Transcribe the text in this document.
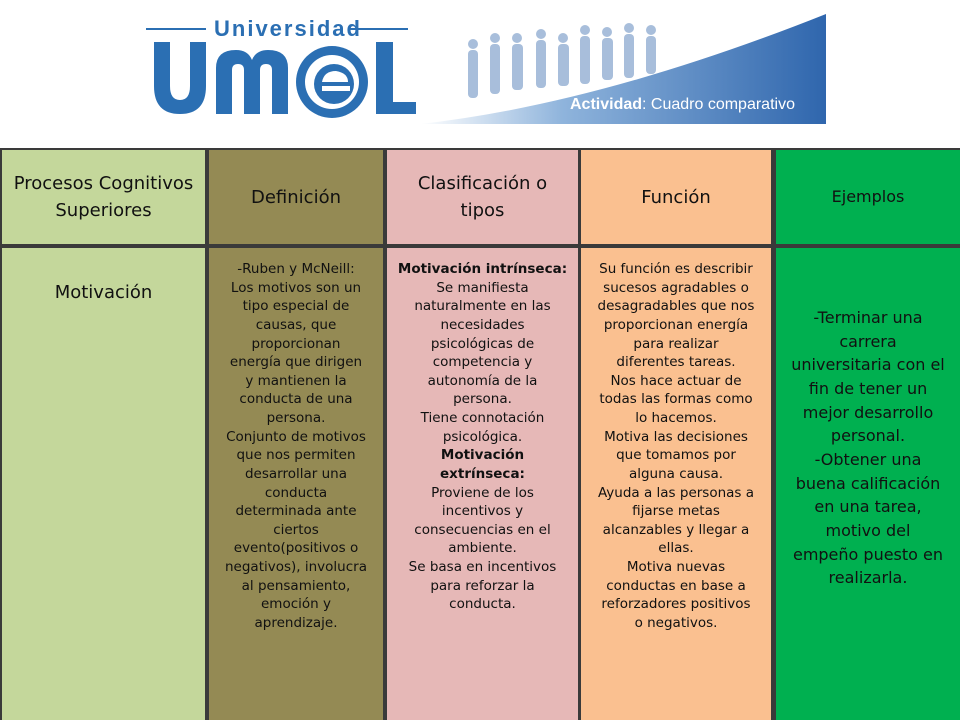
Universidad
Actividad: Cuadro comparativo
Procesos Cognitivos
Superiores
Definición
Clasificación o
tipos
Función	Ejemplos
Motivación
-Ruben y McNeill:
Los motivos son un
tipo especial de
causas, que
proporcionan
energía que dirigen
y mantienen la
conducta de una
persona.
Conjunto de motivos
que nos permiten
desarrollar una
conducta
determinada ante
ciertos
evento(positivos o
negativos), involucra
al pensamiento,
emoción y
aprendizaje.
Motivación intrínseca:
Se manifiesta
naturalmente en las
necesidades
psicológicas de
competencia y
autonomía de la
persona.
Tiene connotación
psicológica.
Motivación
extrínseca:
Proviene de los
incentivos y
consecuencias en el
ambiente.
Se basa en incentivos
para reforzar la
conducta.
Su función es describir
sucesos agradables o
desagradables que nos
proporcionan energía
para realizar
diferentes tareas.
Nos hace actuar de
todas las formas como
lo hacemos.
Motiva las decisiones
que tomamos por
alguna causa.
Ayuda a las personas a
fijarse metas
alcanzables y llegar a
ellas.
Motiva nuevas
conductas en base a
reforzadores positivos
o negativos.
-Terminar una
carrera
universitaria con el
fin de tener un
mejor desarrollo
personal.
-Obtener una
buena calificación
en una tarea,
motivo del
empeño puesto en
realizarla.
